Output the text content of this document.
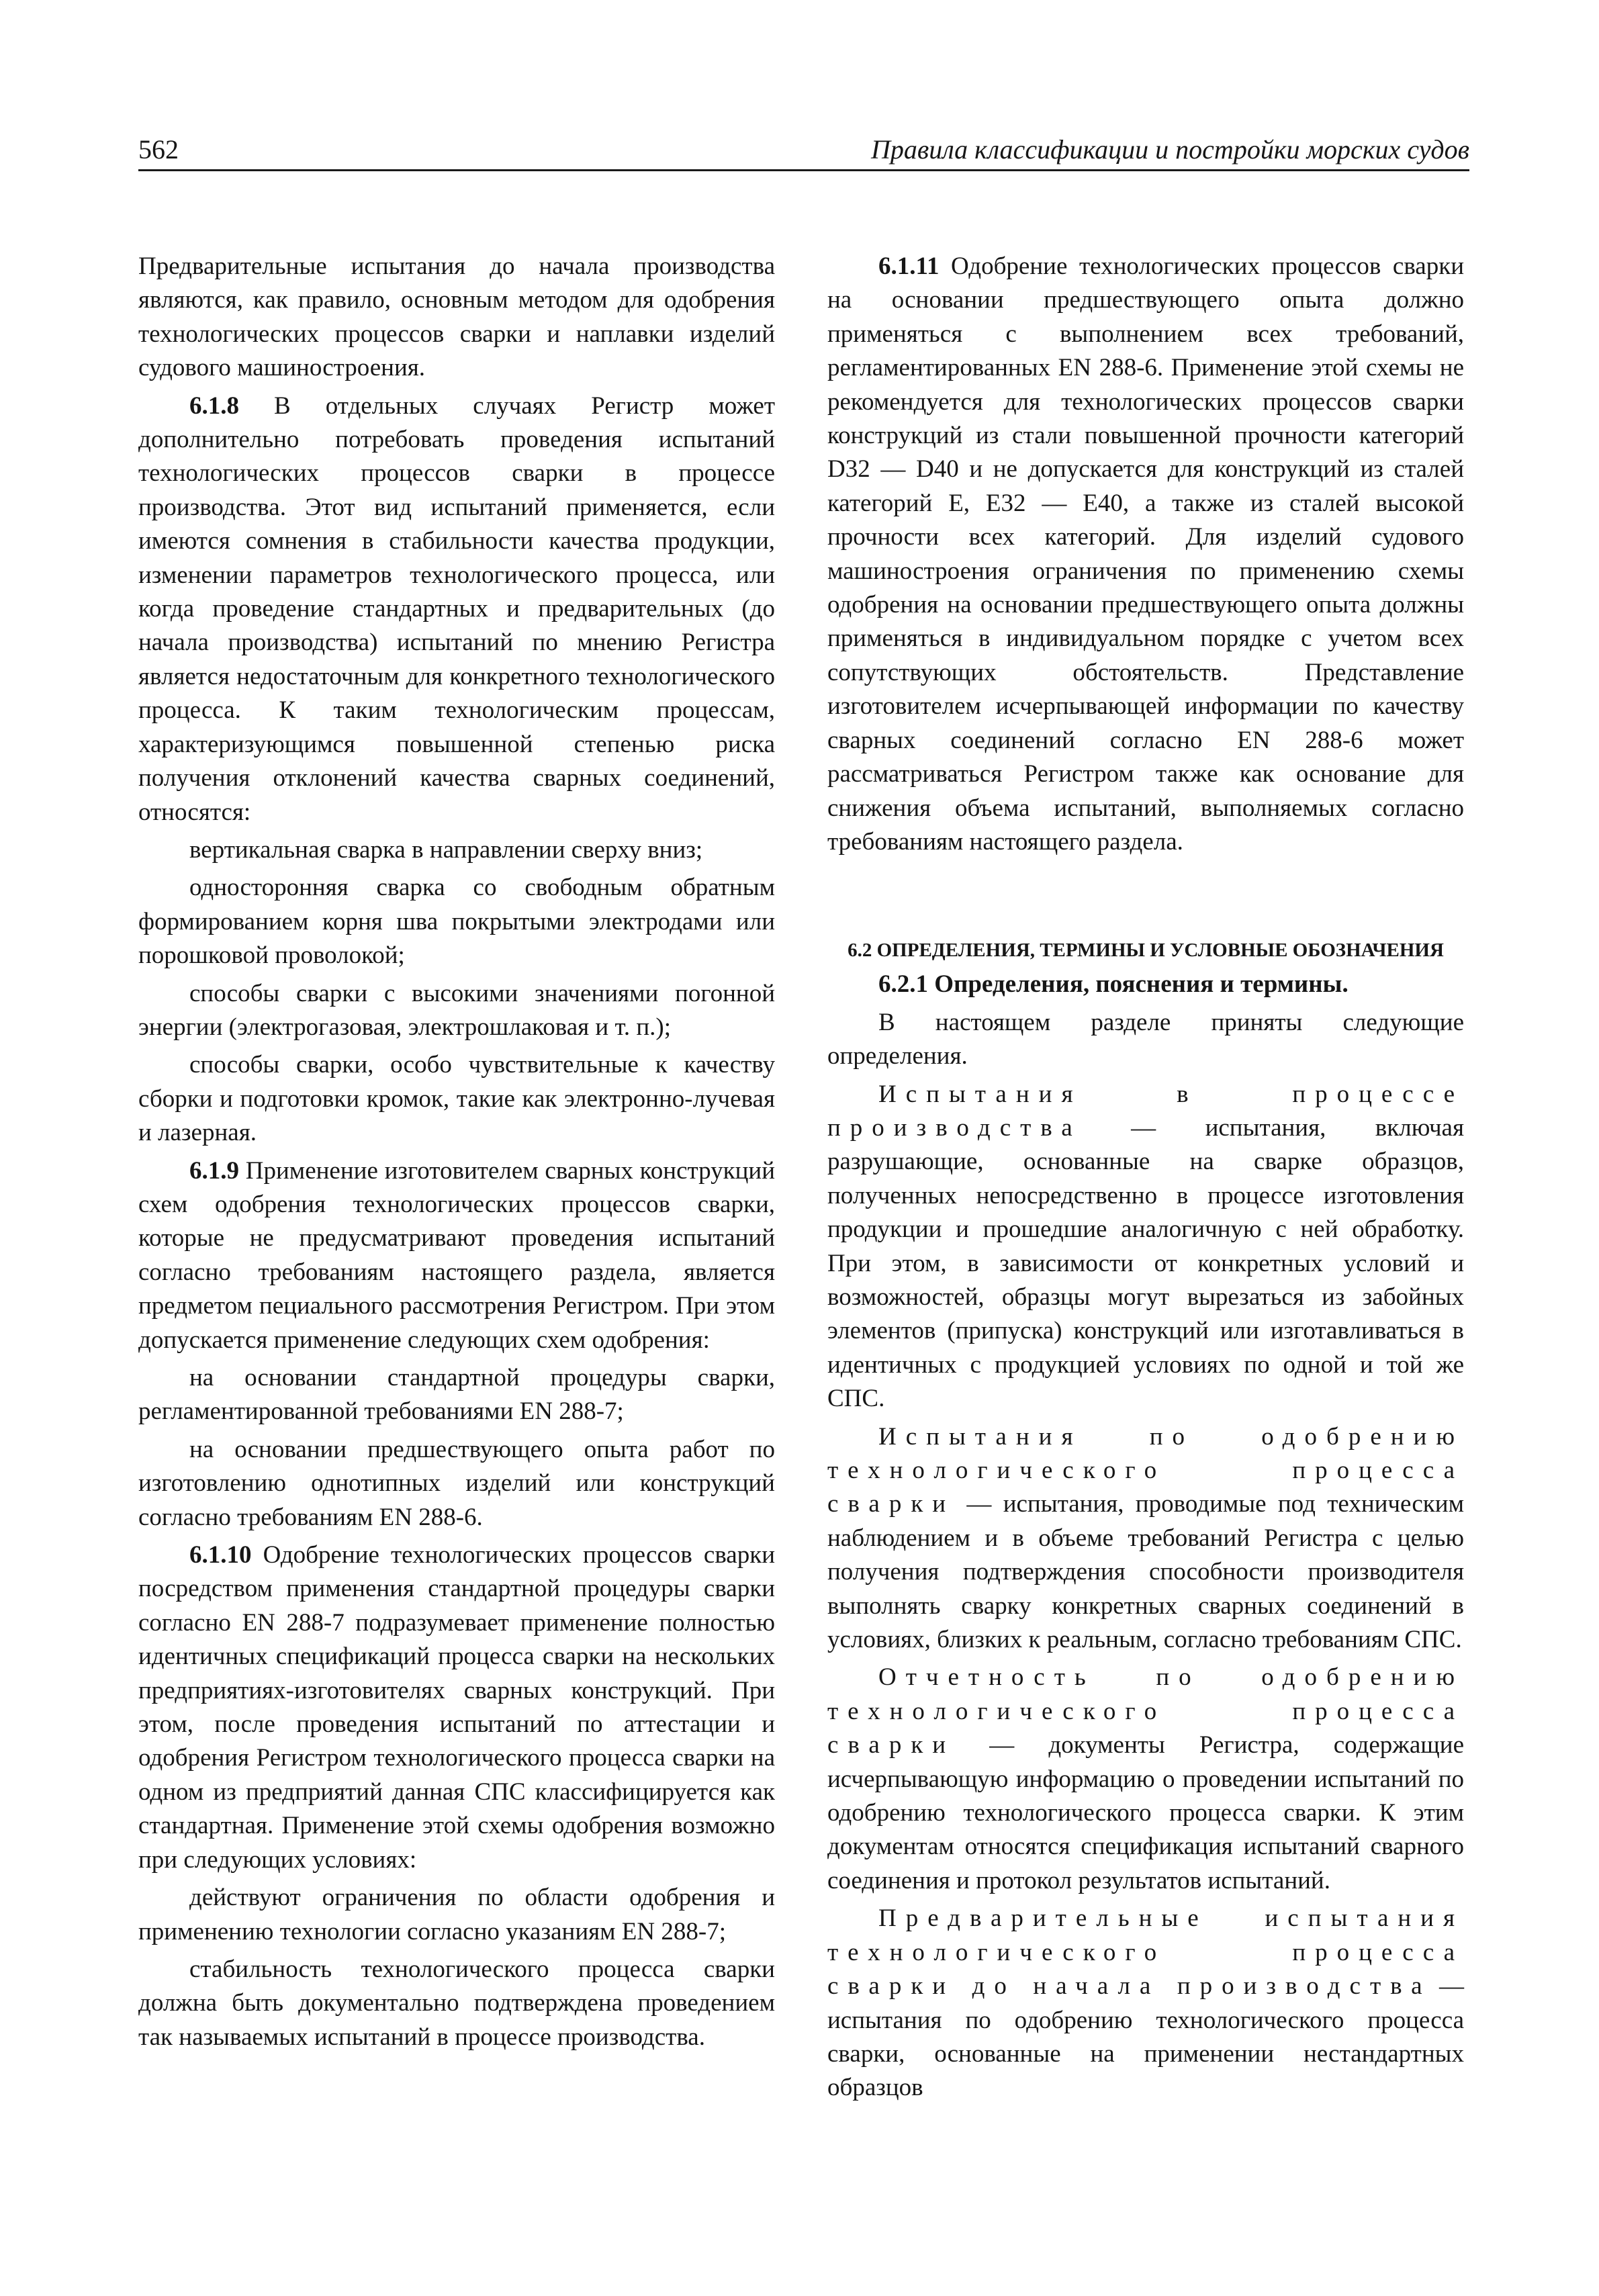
562	Правила классификации и постройки морских судов

Предварительные испытания до начала производства являются, как правило, основным методом для одобрения технологических процессов сварки и наплавки изделий судового машиностроения.

6.1.8 В отдельных случаях Регистр может дополнительно потребовать проведения испытаний технологических процессов сварки в процессе производства. Этот вид испытаний применяется, если имеются сомнения в стабильности качества продукции, изменении параметров технологического процесса, или когда проведение стандартных и предварительных (до начала производства) испытаний по мнению Регистра является недостаточным для конкретного технологического процесса. К таким технологическим процессам, характеризующимся повышенной степенью риска получения отклонений качества сварных соединений, относятся:

вертикальная сварка в направлении сверху вниз;

односторонняя сварка со свободным обратным формированием корня шва покрытыми электродами или порошковой проволокой;

способы сварки с высокими значениями погонной энергии (электрогазовая, электрошлаковая и т. п.);

способы сварки, особо чувствительные к качеству сборки и подготовки кромок, такие как электронно-лучевая и лазерная.

6.1.9 Применение изготовителем сварных конструкций схем одобрения технологических процессов сварки, которые не предусматривают проведения испытаний согласно требованиям настоящего раздела, является предметом пециального рассмотрения Регистром. При этом допускается применение следующих схем одобрения:

на основании стандартной процедуры сварки, регламентированной требованиями EN 288-7;

на основании предшествующего опыта работ по изготовлению однотипных изделий или конструкций согласно требованиям EN 288-6.

6.1.10 Одобрение технологических процессов сварки посредством применения стандартной процедуры сварки согласно EN 288-7 подразумевает применение полностью идентичных спецификаций процесса сварки на нескольких предприятиях-изготовителях сварных конструкций. При этом, после проведения испытаний по аттестации и одобрения Регистром технологического процесса сварки на одном из предприятий данная СПС классифицируется как стандартная. Применение этой схемы одобрения возможно при следующих условиях:

действуют ограничения по области одобрения и применению технологии согласно указаниям EN 288-7;

стабильность технологического процесса сварки должна быть документально подтверждена проведением так называемых испытаний в процессе производства.

6.1.11 Одобрение технологических процессов сварки на основании предшествующего опыта должно применяться с выполнением всех требований, регламентированных EN 288-6. Применение этой схемы не рекомендуется для технологических процессов сварки конструкций из стали повышенной прочности категорий D32 — D40 и не допускается для конструкций из сталей категорий E, E32 — E40, а также из сталей высокой прочности всех категорий. Для изделий судового машиностроения ограничения по применению схемы одобрения на основании предшествующего опыта должны применяться в индивидуальном порядке с учетом всех сопутствующих обстоятельств. Представление изготовителем исчерпывающей информации по качеству сварных соединений согласно EN 288-6 может рассматриваться Регистром также как основание для снижения объема испытаний, выполняемых согласно требованиям настоящего раздела.

6.2 ОПРЕДЕЛЕНИЯ, ТЕРМИНЫ И УСЛОВНЫЕ ОБОЗНАЧЕНИЯ

6.2.1 Определения, пояснения и термины.

В настоящем разделе приняты следующие определения.

Испытания в процессе производства — испытания, включая разрушающие, основанные на сварке образцов, полученных непосредственно в процессе изготовления продукции и прошедшие аналогичную с ней обработку. При этом, в зависимости от конкретных условий и возможностей, образцы могут вырезаться из забойных элементов (припуска) конструкций или изготавливаться в идентичных с продукцией условиях по одной и той же СПС.

Испытания по одобрению технологического процесса сварки — испытания, проводимые под техническим наблюдением и в объеме требований Регистра с целью получения подтверждения способности производителя выполнять сварку конкретных сварных соединений в условиях, близких к реальным, согласно требованиям СПС.

Отчетность по одобрению технологического процесса сварки — документы Регистра, содержащие исчерпывающую информацию о проведении испытаний по одобрению технологического процесса сварки. К этим документам относятся спецификация испытаний сварного соединения и протокол результатов испытаний.

Предварительные испытания технологического процесса сварки до начала производства — испытания по одобрению технологического процесса сварки, основанные на применении нестандартных образцов
